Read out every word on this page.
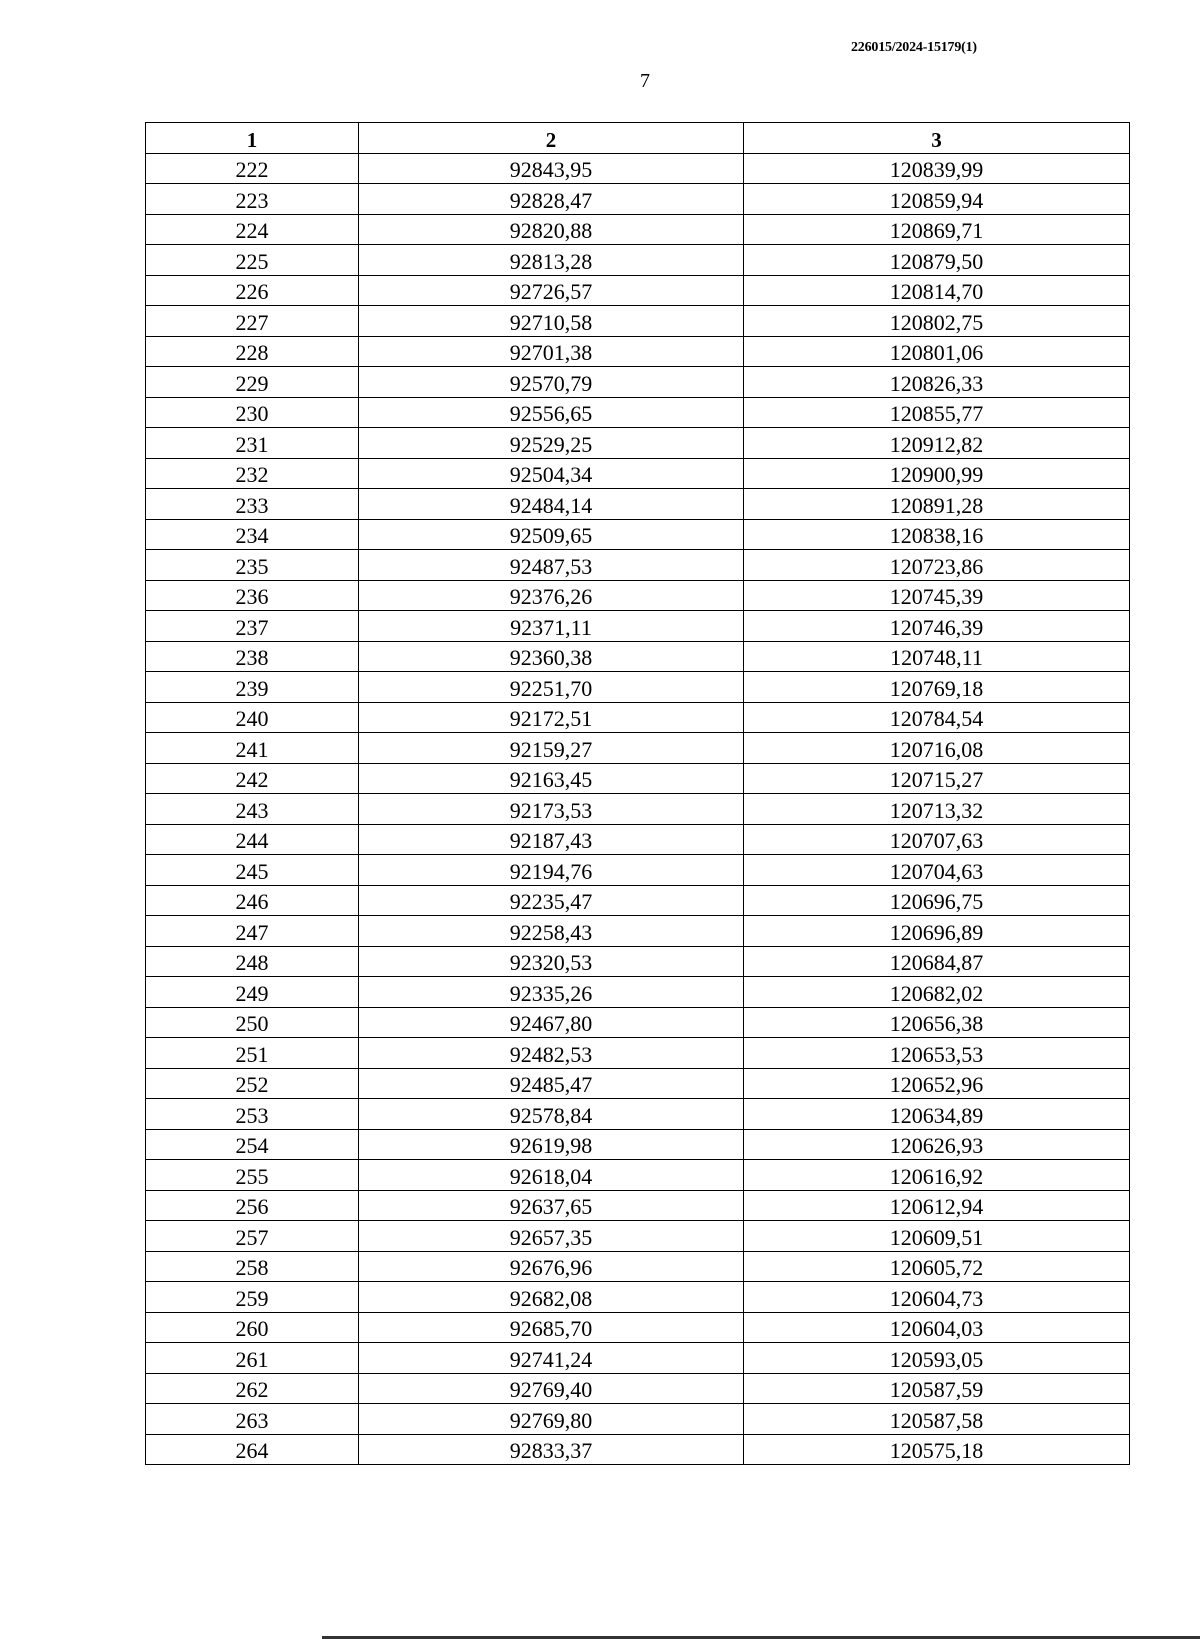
226015/2024-15179(1)
7
1	2	3
222	92843,95	120839,99
223	92828,47	120859,94
224	92820,88	120869,71
225	92813,28	120879,50
226	92726,57	120814,70
227	92710,58	120802,75
228	92701,38	120801,06
229	92570,79	120826,33
230	92556,65	120855,77
231	92529,25	120912,82
232	92504,34	120900,99
233	92484,14	120891,28
234	92509,65	120838,16
235	92487,53	120723,86
236	92376,26	120745,39
237	92371,11	120746,39
238	92360,38	120748,11
239	92251,70	120769,18
240	92172,51	120784,54
241	92159,27	120716,08
242	92163,45	120715,27
243	92173,53	120713,32
244	92187,43	120707,63
245	92194,76	120704,63
246	92235,47	120696,75
247	92258,43	120696,89
248	92320,53	120684,87
249	92335,26	120682,02
250	92467,80	120656,38
251	92482,53	120653,53
252	92485,47	120652,96
253	92578,84	120634,89
254	92619,98	120626,93
255	92618,04	120616,92
256	92637,65	120612,94
257	92657,35	120609,51
258	92676,96	120605,72
259	92682,08	120604,73
260	92685,70	120604,03
261	92741,24	120593,05
262	92769,40	120587,59
263	92769,80	120587,58
264	92833,37	120575,18
